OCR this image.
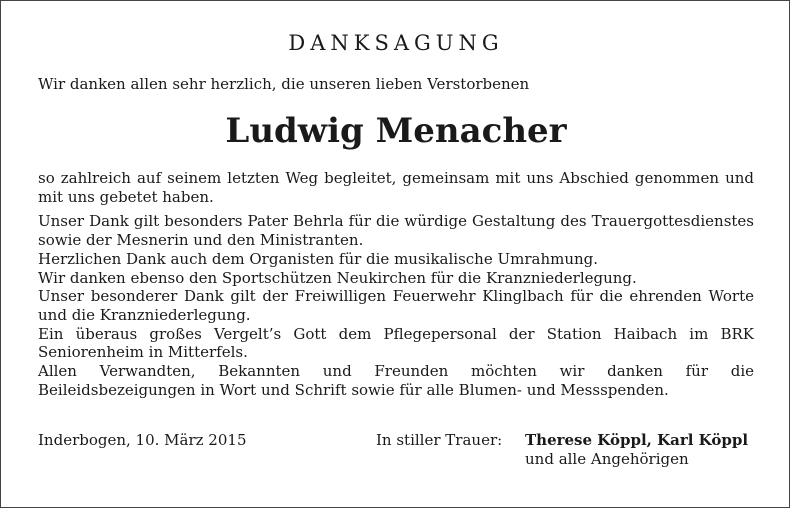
DANKSAGUNG
Wir danken allen sehr herzlich, die unseren lieben Verstorbenen
Ludwig Menacher
so zahlreich auf seinem letzten Weg begleitet, gemeinsam mit uns Abschied genommen und mit uns gebetet haben.
Unser Dank gilt besonders Pater Behrla für die würdige Gestaltung des Trauergottesdienstes sowie der Mesnerin und den Ministranten.
Herzlichen Dank auch dem Organisten für die musikalische Umrahmung.
Wir danken ebenso den Sportschützen Neukirchen für die Kranzniederlegung.
Unser besonderer Dank gilt der Freiwilligen Feuerwehr Klinglbach für die ehrenden Worte und die Kranzniederlegung.
Ein überaus großes Vergelt’s Gott dem Pflegepersonal der Station Haibach im BRK Seniorenheim in Mitterfels.
Allen Verwandten, Bekannten und Freunden möchten wir danken für die Beileidsbezeigungen in Wort und Schrift sowie für alle Blumen- und Messspenden.
Inderbogen, 10. März 2015	In stiller Trauer: Therese Köppl, Karl Köppl
und alle Angehörigen
